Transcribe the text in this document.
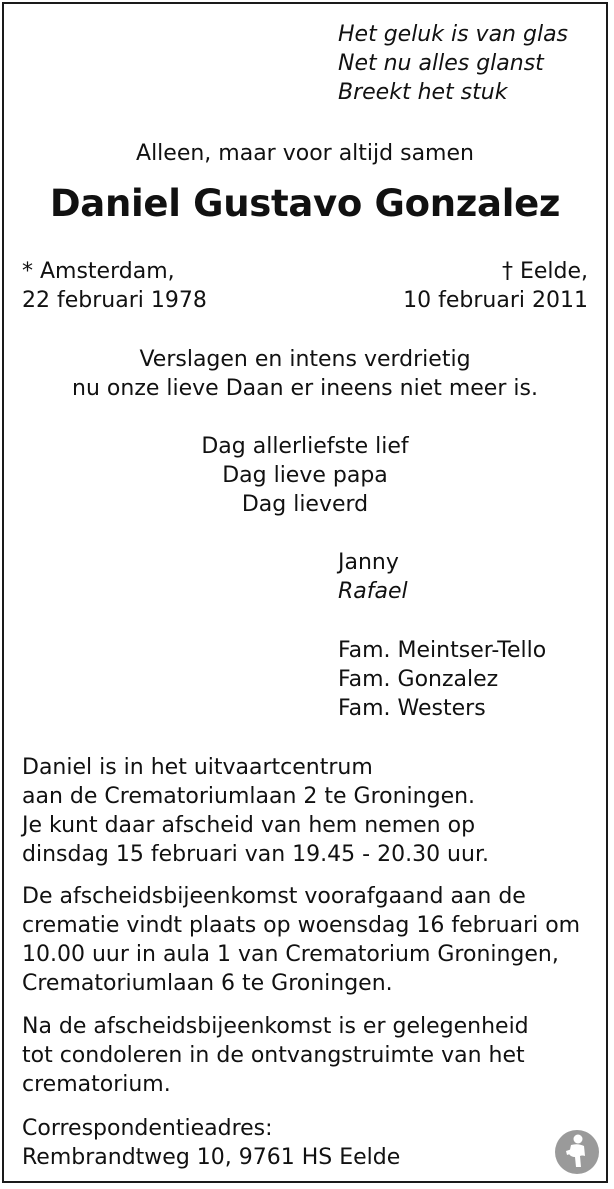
Het geluk is van glas
Net nu alles glanst
Breekt het stuk
Alleen, maar voor altijd samen
Daniel Gustavo Gonzalez
* Amsterdam,
22 februari 1978
† Eelde,
10 februari 2011
Verslagen en intens verdrietig
nu onze lieve Daan er ineens niet meer is.
Dag allerliefste lief
Dag lieve papa
Dag lieverd
Janny
Rafael
Fam. Meintser-Tello
Fam. Gonzalez
Fam. Westers
Daniel is in het uitvaartcentrum
aan de Crematoriumlaan 2 te Groningen.
Je kunt daar afscheid van hem nemen op
dinsdag 15 februari van 19.45 - 20.30 uur.
De afscheidsbijeenkomst voorafgaand aan de
crematie vindt plaats op woensdag 16 februari om
10.00 uur in aula 1 van Crematorium Groningen,
Crematoriumlaan 6 te Groningen.
Na de afscheidsbijeenkomst is er gelegenheid
tot condoleren in de ontvangstruimte van het
crematorium.
Correspondentieadres:
Rembrandtweg 10, 9761 HS Eelde
